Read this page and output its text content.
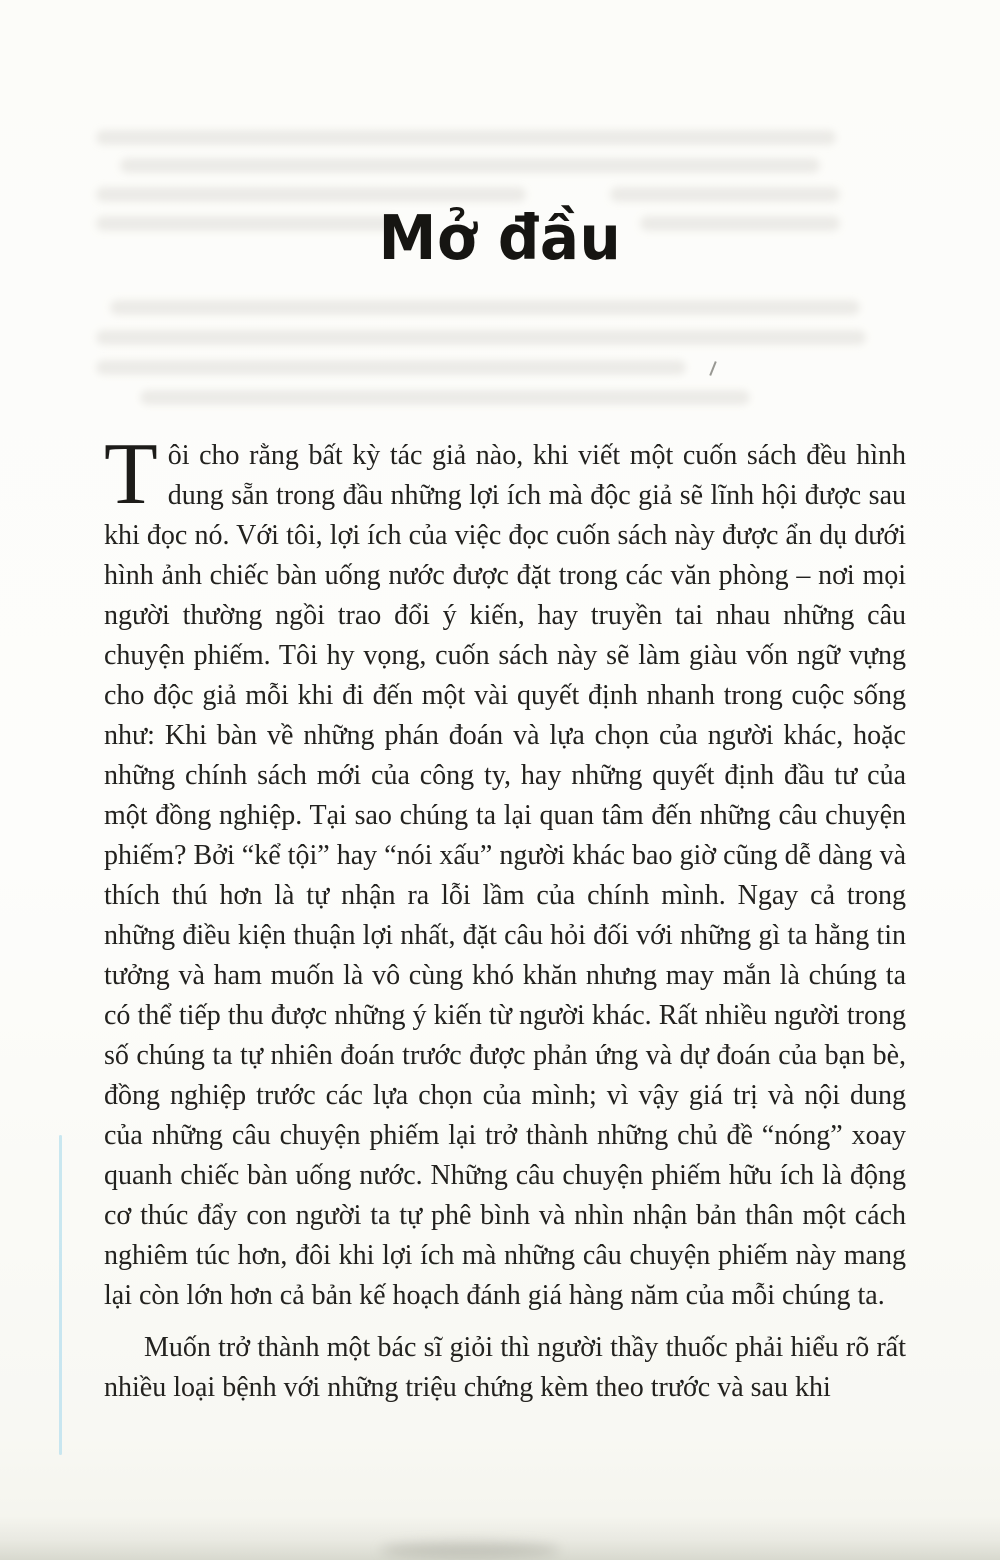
Mở đầu

Tôi cho rằng bất kỳ tác giả nào, khi viết một cuốn sách đều hình dung sẵn trong đầu những lợi ích mà độc giả sẽ lĩnh hội được sau khi đọc nó. Với tôi, lợi ích của việc đọc cuốn sách này được ẩn dụ dưới hình ảnh chiếc bàn uống nước được đặt trong các văn phòng – nơi mọi người thường ngồi trao đổi ý kiến, hay truyền tai nhau những câu chuyện phiếm. Tôi hy vọng, cuốn sách này sẽ làm giàu vốn ngữ vựng cho độc giả mỗi khi đi đến một vài quyết định nhanh trong cuộc sống như: Khi bàn về những phán đoán và lựa chọn của người khác, hoặc những chính sách mới của công ty, hay những quyết định đầu tư của một đồng nghiệp. Tại sao chúng ta lại quan tâm đến những câu chuyện phiếm? Bởi “kể tội” hay “nói xấu” người khác bao giờ cũng dễ dàng và thích thú hơn là tự nhận ra lỗi lầm của chính mình. Ngay cả trong những điều kiện thuận lợi nhất, đặt câu hỏi đối với những gì ta hằng tin tưởng và ham muốn là vô cùng khó khăn nhưng may mắn là chúng ta có thể tiếp thu được những ý kiến từ người khác. Rất nhiều người trong số chúng ta tự nhiên đoán trước được phản ứng và dự đoán của bạn bè, đồng nghiệp trước các lựa chọn của mình; vì vậy giá trị và nội dung của những câu chuyện phiếm lại trở thành những chủ đề “nóng” xoay quanh chiếc bàn uống nước. Những câu chuyện phiếm hữu ích là động cơ thúc đẩy con người ta tự phê bình và nhìn nhận bản thân một cách nghiêm túc hơn, đôi khi lợi ích mà những câu chuyện phiếm này mang lại còn lớn hơn cả bản kế hoạch đánh giá hàng năm của mỗi chúng ta.

Muốn trở thành một bác sĩ giỏi thì người thầy thuốc phải hiểu rõ rất nhiều loại bệnh với những triệu chứng kèm theo trước và sau khi
